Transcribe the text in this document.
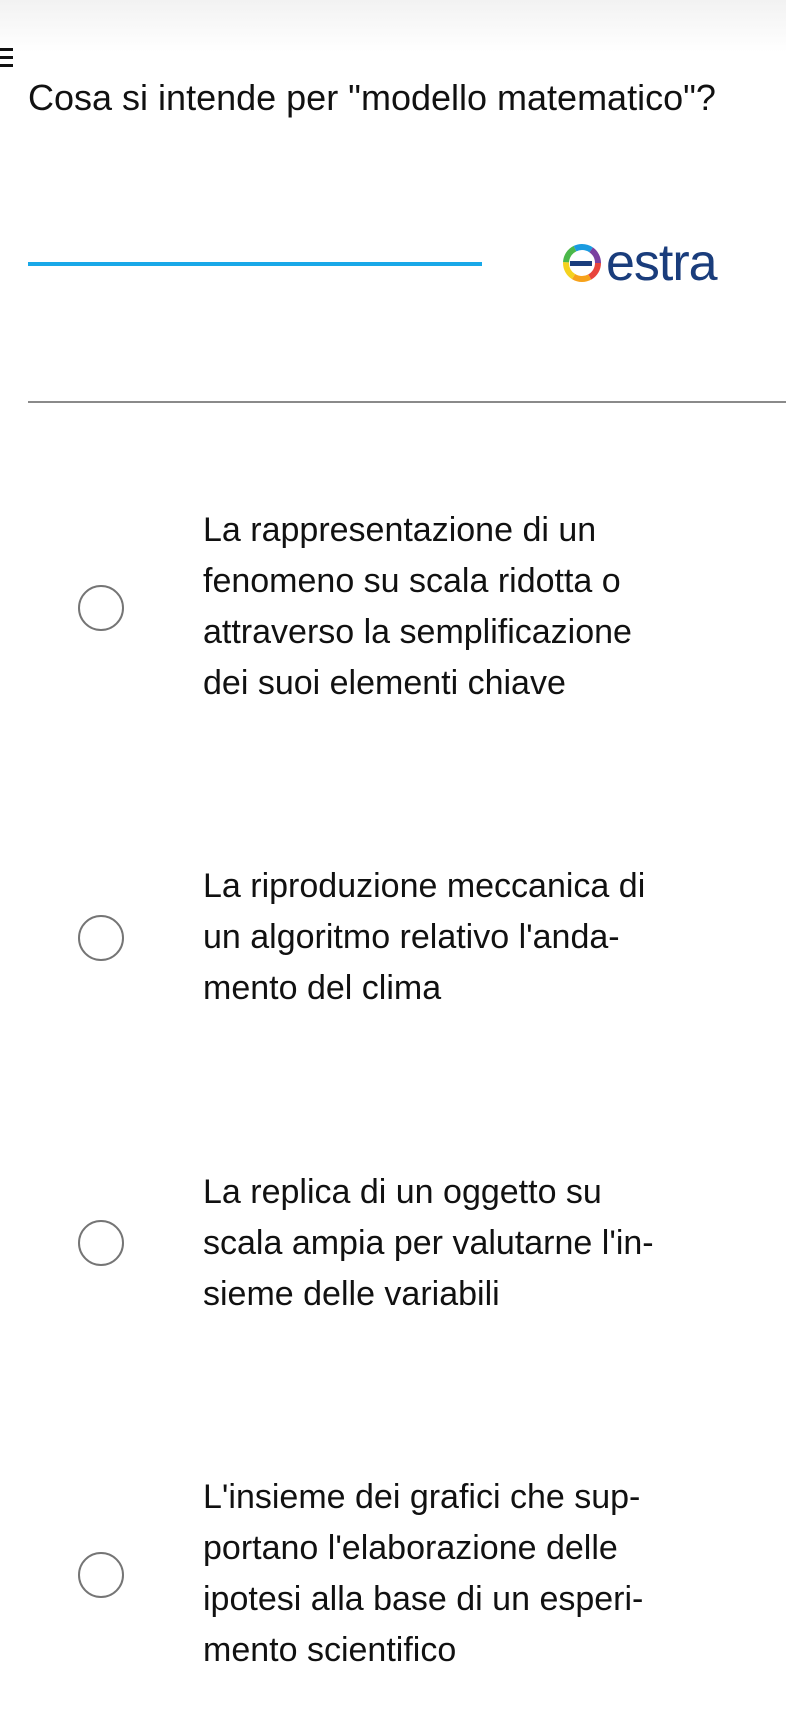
Cosa si intende per "modello matematico"?
estra
La rappresentazione di un
fenomeno su scala ridotta o
attraverso la semplificazione
dei suoi elementi chiave
La riproduzione meccanica di
un algoritmo relativo l'anda-
mento del clima
La replica di un oggetto su
scala ampia per valutarne l'in-
sieme delle variabili
L'insieme dei grafici che sup-
portano l'elaborazione delle
ipotesi alla base di un esperi-
mento scientifico
